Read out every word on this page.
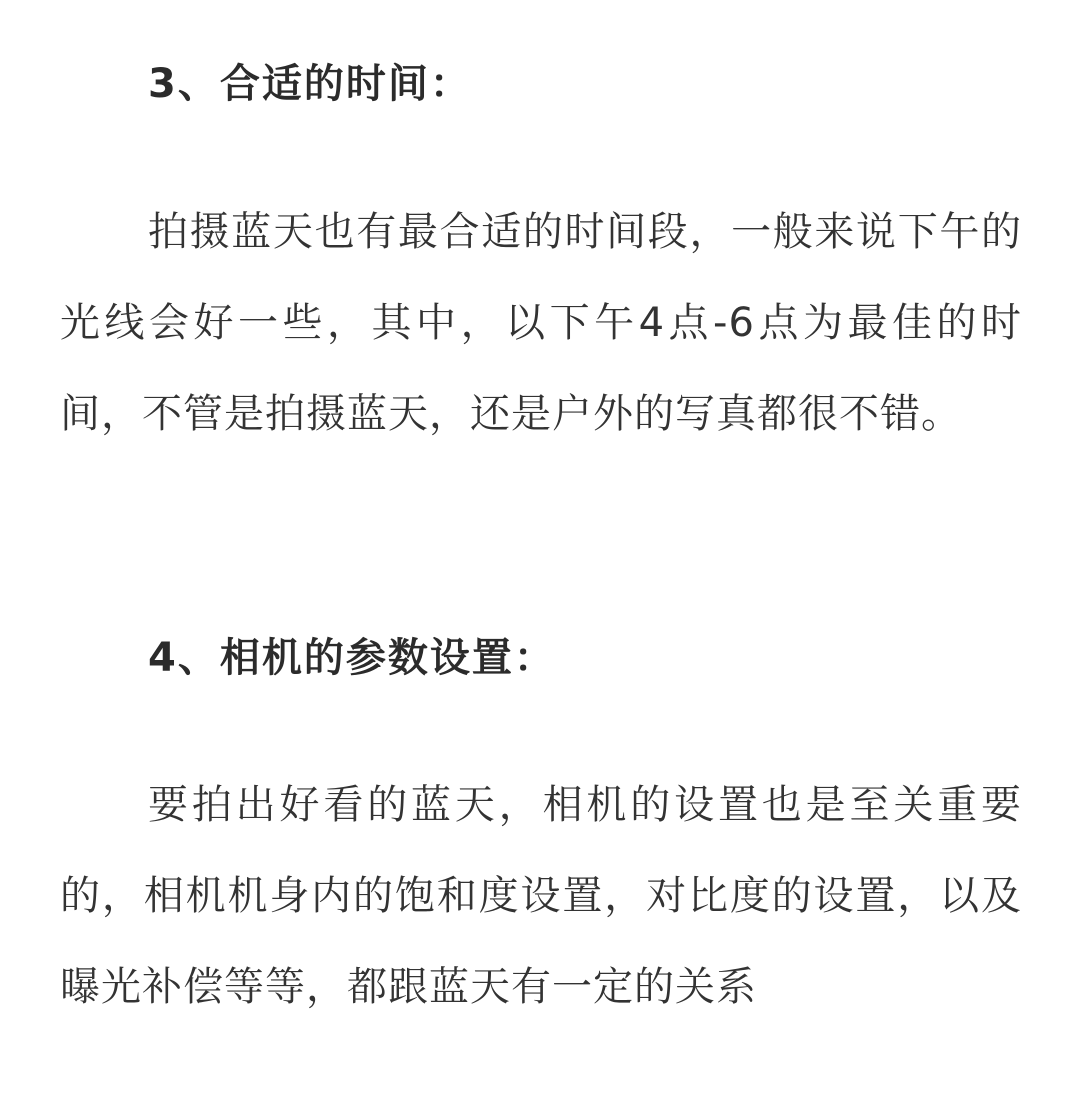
3、合适的时间：

拍摄蓝天也有最合适的时间段，一般来说下午的光线会好一些，其中，以下午4点-6点为最佳的时间，不管是拍摄蓝天，还是户外的写真都很不错。

4、相机的参数设置：

要拍出好看的蓝天，相机的设置也是至关重要的，相机机身内的饱和度设置，对比度的设置，以及曝光补偿等等，都跟蓝天有一定的关系
